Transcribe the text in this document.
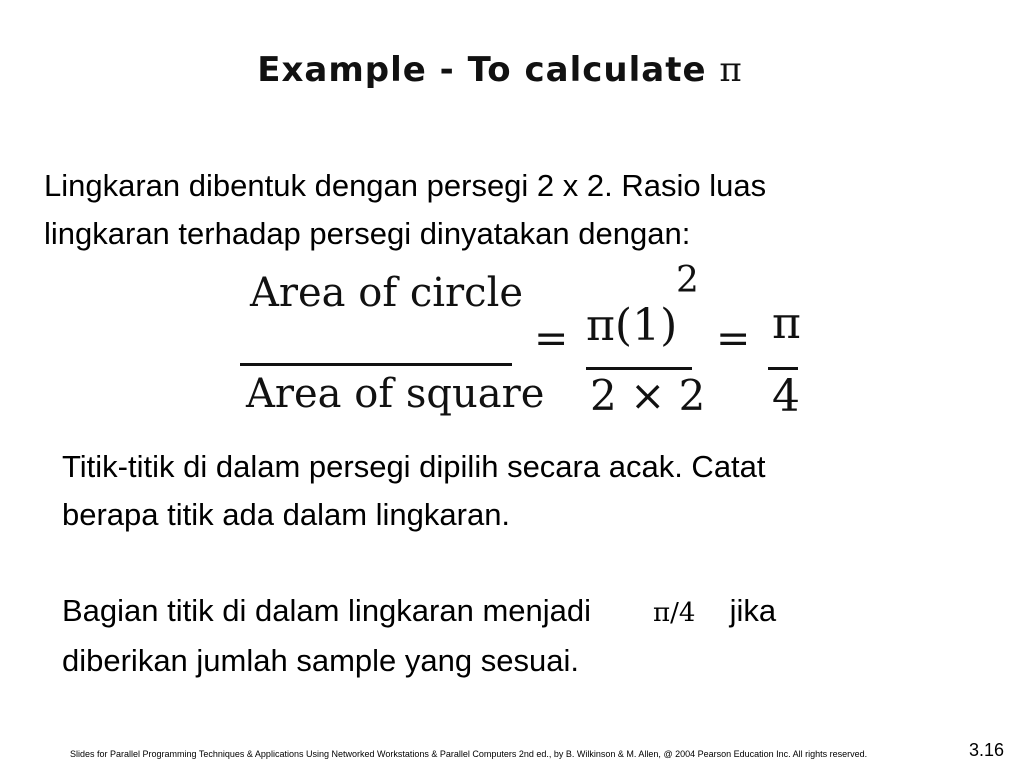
Example - To calculate π
Lingkaran dibentuk dengan persegi 2 x 2. Rasio luas
lingkaran terhadap persegi dinyatakan dengan:
Area of circle
Area of square
= π(1)
2
2 × 2
= π
4
Titik-titik di dalam persegi dipilih secara acak. Catat
berapa titik ada dalam lingkaran.
Bagian titik di dalam lingkaran menjadi π/4 jika
diberikan jumlah sample yang sesuai.
Slides for Parallel Programming Techniques & Applications Using Networked Workstations & Parallel Computers 2nd ed., by B. Wilkinson & M. Allen, @ 2004 Pearson Education Inc. All rights reserved.	3.16
